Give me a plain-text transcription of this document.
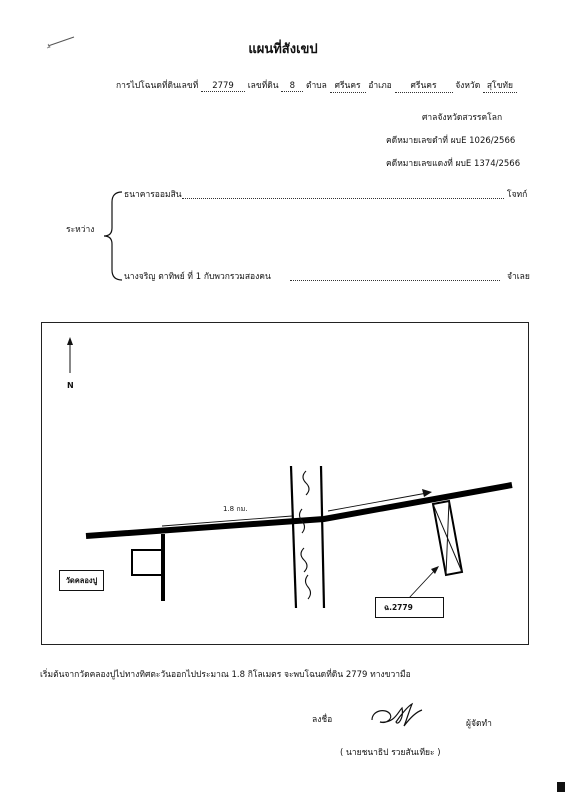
แผนที่สังเขป
การไปโฉนดที่ดินเลขที่ 2779 เลขที่ดิน 8 ตำบล ศรีนคร อำเภอ ศรีนคร จังหวัด สุโขทัย
ศาลจังหวัดสวรรคโลก
คดีหมายเลขดำที่ ผบE 1026/2566
คดีหมายเลขแดงที่ ผบE 1374/2566
ระหว่าง
ธนาคารออมสิน	โจทก์
นางจริญ ตาทิพย์ ที่ 1 กับพวกรวมสองคน	จำเลย
N
1.8 กม.
วัดคลองปู
ฉ.2779
เริ่มต้นจากวัดคลองปูไปทางทิศตะวันออกไปประมาณ 1.8 กิโลเมตร จะพบโฉนดที่ดิน 2779 ทางขวามือ
ลงชื่อ	ผู้จัดทำ
( นายชนาธิป รวยสันเทียะ )
